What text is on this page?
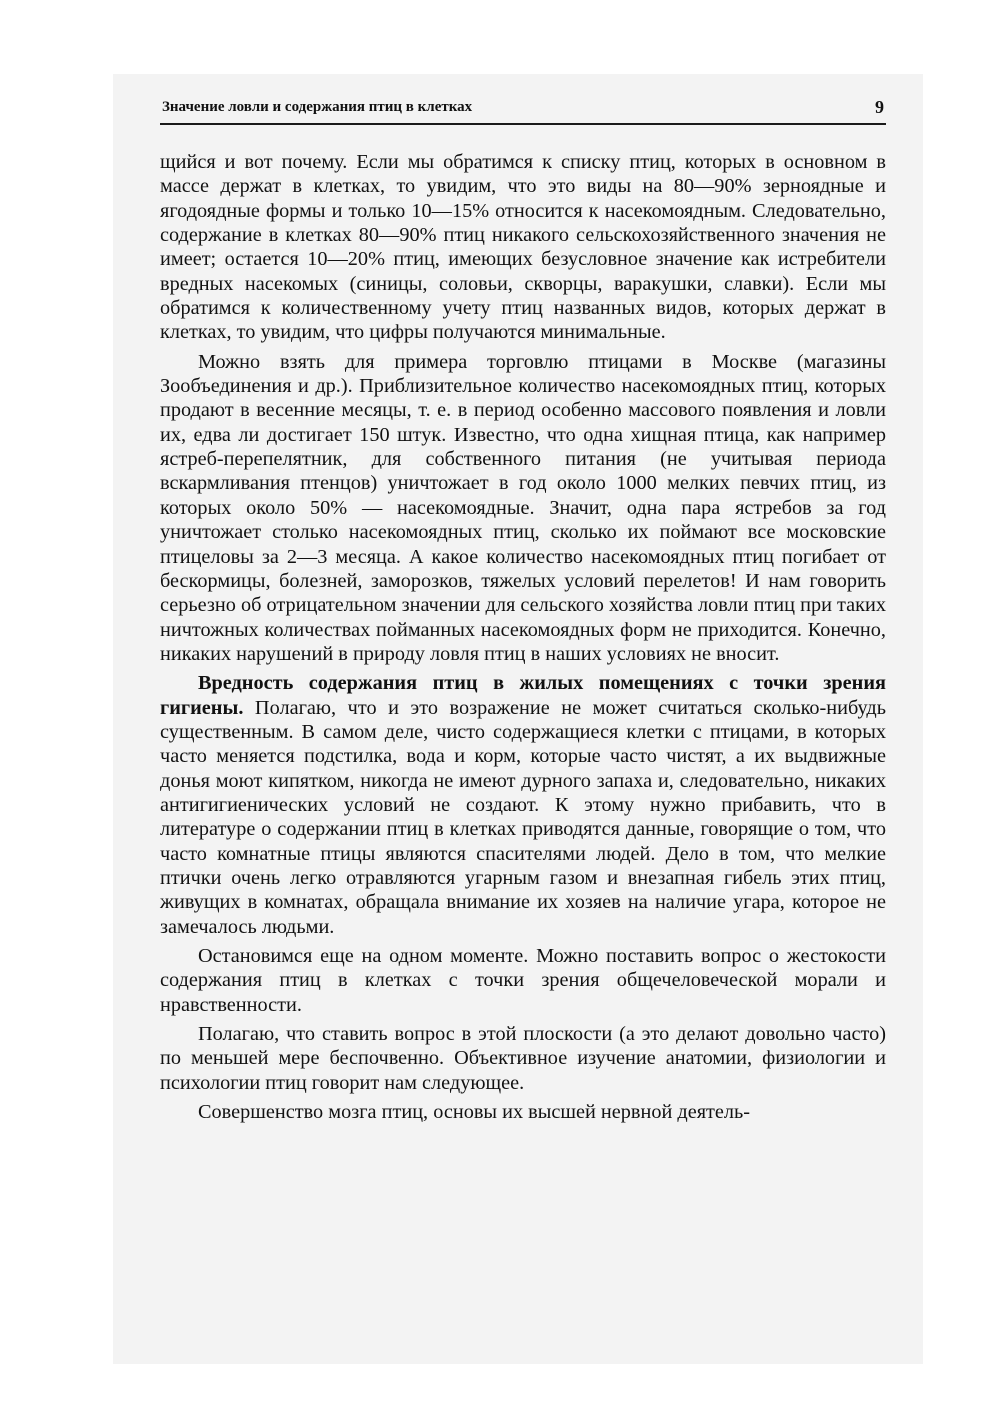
Значение ловли и содержания птиц в клетках	9

щийся и вот почему. Если мы обратимся к списку птиц, которых в основном в массе держат в клетках, то увидим, что это виды на 80—90% зерноядные и ягодоядные формы и только 10—15% относится к насекомоядным. Следовательно, содержание в клетках 80—90% птиц никакого сельскохозяйственного значения не имеет; остается 10—20% птиц, имеющих безусловное значение как истребители вредных насекомых (синицы, соловьи, скворцы, варакушки, славки). Если мы обратимся к количественному учету птиц названных видов, которых держат в клетках, то увидим, что цифры получаются минимальные.

Можно взять для примера торговлю птицами в Москве (магазины Зообъединения и др.). Приблизительное количество насекомоядных птиц, которых продают в весенние месяцы, т. е. в период особенно массового появления и ловли их, едва ли достигает 150 штук. Известно, что одна хищная птица, как например ястреб-перепелятник, для собственного питания (не учитывая периода вскармливания птенцов) уничтожает в год около 1000 мелких певчих птиц, из которых около 50% — насекомоядные. Значит, одна пара ястребов за год уничтожает столько насекомоядных птиц, сколько их поймают все московские птицеловы за 2—3 месяца. А какое количество насекомоядных птиц погибает от бескормицы, болезней, заморозков, тяжелых условий перелетов! И нам говорить серьезно об отрицательном значении для сельского хозяйства ловли птиц при таких ничтожных количествах пойманных насекомоядных форм не приходится. Конечно, никаких нарушений в природу ловля птиц в наших условиях не вносит.

Вредность содержания птиц в жилых помещениях с точки зрения гигиены. Полагаю, что и это возражение не может считаться сколько-нибудь существенным. В самом деле, чисто содержащиеся клетки с птицами, в которых часто меняется подстилка, вода и корм, которые часто чистят, а их выдвижные донья моют кипятком, никогда не имеют дурного запаха и, следовательно, никаких антигигиенических условий не создают. К этому нужно прибавить, что в литературе о содержании птиц в клетках приводятся данные, говорящие о том, что часто комнатные птицы являются спасителями людей. Дело в том, что мелкие птички очень легко отравляются угарным газом и внезапная гибель этих птиц, живущих в комнатах, обращала внимание их хозяев на наличие угара, которое не замечалось людьми.

Остановимся еще на одном моменте. Можно поставить вопрос о жестокости содержания птиц в клетках с точки зрения общечеловеческой морали и нравственности.

Полагаю, что ставить вопрос в этой плоскости (а это делают довольно часто) по меньшей мере беспочвенно. Объективное изучение анатомии, физиологии и психологии птиц говорит нам следующее.

Совершенство мозга птиц, основы их высшей нервной деятель-
